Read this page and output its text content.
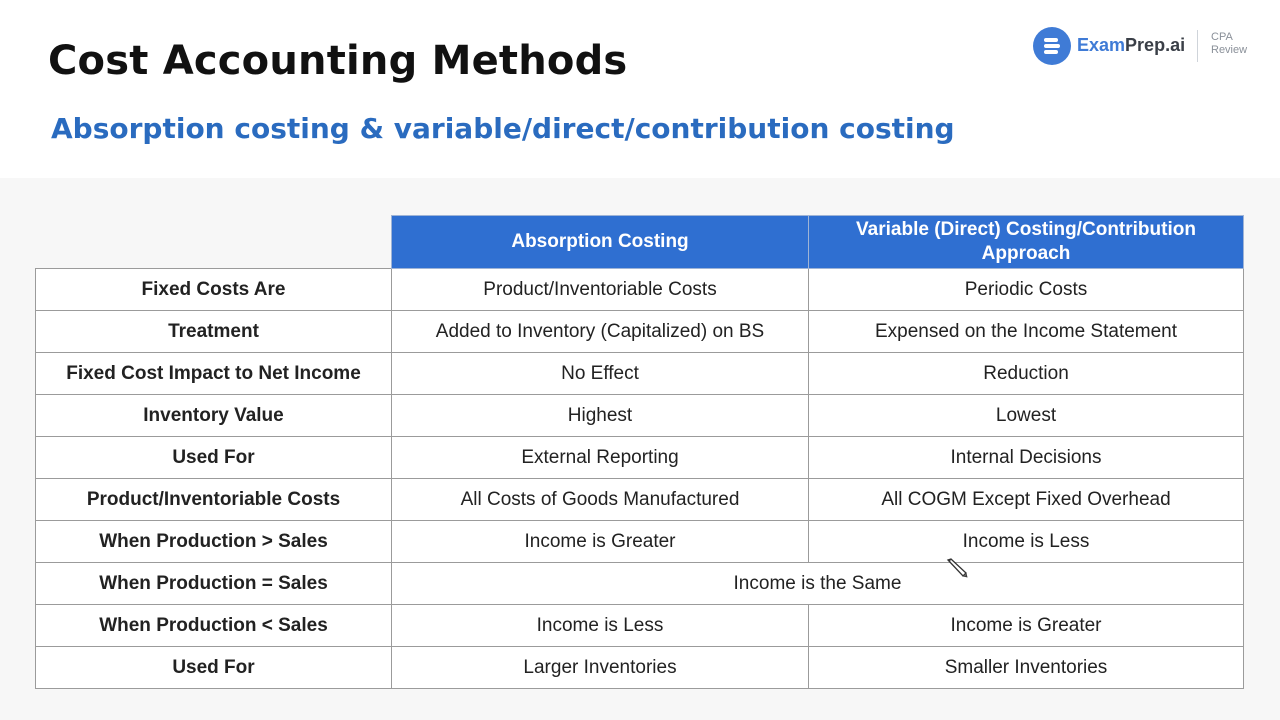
Cost Accounting Methods
Absorption costing & variable/direct/contribution costing
ExamPrep.ai CPA
Review
	Absorption Costing	Variable (Direct) Costing/Contribution Approach
Fixed Costs Are	Product/Inventoriable Costs	Periodic Costs
Treatment	Added to Inventory (Capitalized) on BS	Expensed on the Income Statement
Fixed Cost Impact to Net Income	No Effect	Reduction
Inventory Value	Highest	Lowest
Used For	External Reporting	Internal Decisions
Product/Inventoriable Costs	All Costs of Goods Manufactured	All COGM Except Fixed Overhead
When Production > Sales	Income is Greater	Income is Less
When Production = Sales	Income is the Same	
When Production < Sales	Income is Less	Income is Greater
Used For	Larger Inventories	Smaller Inventories
